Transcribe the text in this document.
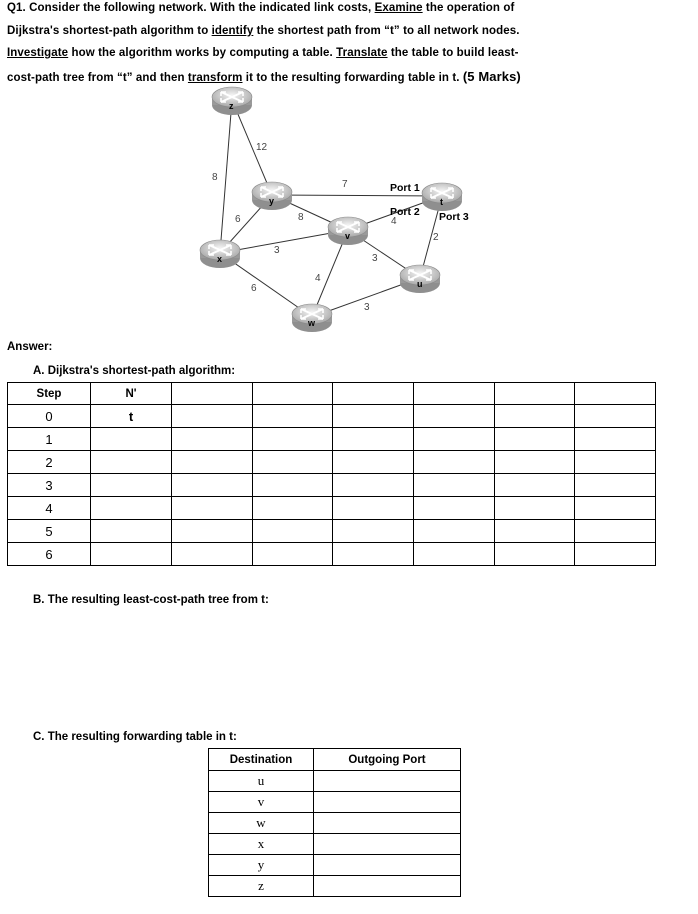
Q1. Consider the following network. With the indicated link costs, Examine the operation of
Dijkstra's shortest-path algorithm to identify the shortest path from “t” to all network nodes.
Investigate how the algorithm works by computing a table. Translate the table to build least-
cost-path tree from “t” and then transform it to the resulting forwarding table in t. (5 Marks)
12
8
6	8
7
3
6
4
3
3
4
2
Port 1
Port 2 Port 3
z
y
x
v
t
u
w
Answer:
A. Dijkstra's shortest-path algorithm:
Step	N'						
0	t						
1							
2							
3							
4							
5							
6							
B. The resulting least-cost-path tree from t:
C. The resulting forwarding table in t:
Destination	Outgoing Port
u	
v	
w	
x	
y	
z	
